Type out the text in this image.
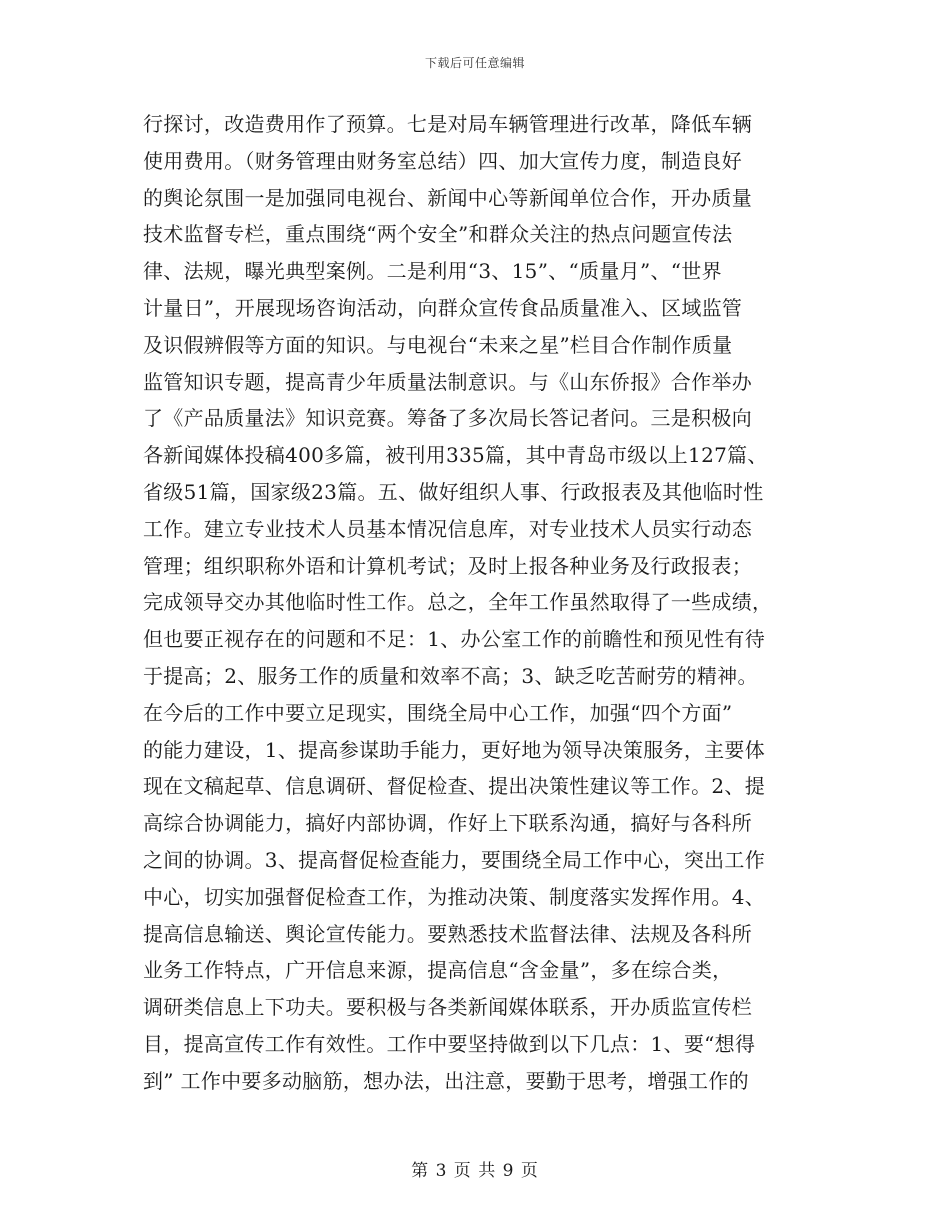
下载后可任意编辑
行探讨，改造费用作了预算。七是对局车辆管理进行改革，降低车辆
使用费用。（财务管理由财务室总结）四、加大宣传力度，制造良好
的舆论氛围一是加强同电视台、新闻中心等新闻单位合作，开办质量
技术监督专栏，重点围绕“两个安全”和群众关注的热点问题宣传法
律、法规，曝光典型案例。二是利用“3、15”、“质量月”、“世界
计量日”，开展现场咨询活动，向群众宣传食品质量准入、区域监管
及识假辨假等方面的知识。与电视台“未来之星”栏目合作制作质量
监管知识专题，提高青少年质量法制意识。与《山东侨报》合作举办
了《产品质量法》知识竞赛。筹备了多次局长答记者问。三是积极向
各新闻媒体投稿400多篇，被刊用335篇，其中青岛市级以上127篇、
省级51篇，国家级23篇。五、做好组织人事、行政报表及其他临时性
工作。建立专业技术人员基本情况信息库，对专业技术人员实行动态
管理；组织职称外语和计算机考试；及时上报各种业务及行政报表；
完成领导交办其他临时性工作。总之，全年工作虽然取得了一些成绩，
但也要正视存在的问题和不足：1、办公室工作的前瞻性和预见性有待
于提高；2、服务工作的质量和效率不高；3、缺乏吃苦耐劳的精神。
在今后的工作中要立足现实，围绕全局中心工作，加强“四个方面”
的能力建设，1、提高参谋助手能力，更好地为领导决策服务，主要体
现在文稿起草、信息调研、督促检查、提出决策性建议等工作。2、提
高综合协调能力，搞好内部协调，作好上下联系沟通，搞好与各科所
之间的协调。3、提高督促检查能力，要围绕全局工作中心，突出工作
中心，切实加强督促检查工作，为推动决策、制度落实发挥作用。4、
提高信息输送、舆论宣传能力。要熟悉技术监督法律、法规及各科所
业务工作特点，广开信息来源，提高信息“含金量”，多在综合类，
调研类信息上下功夫。要积极与各类新闻媒体联系，开办质监宣传栏
目，提高宣传工作有效性。工作中要坚持做到以下几点：1、要“想得
到” 工作中要多动脑筋，想办法，出注意，要勤于思考，增强工作的
第 3 页 共 9 页
